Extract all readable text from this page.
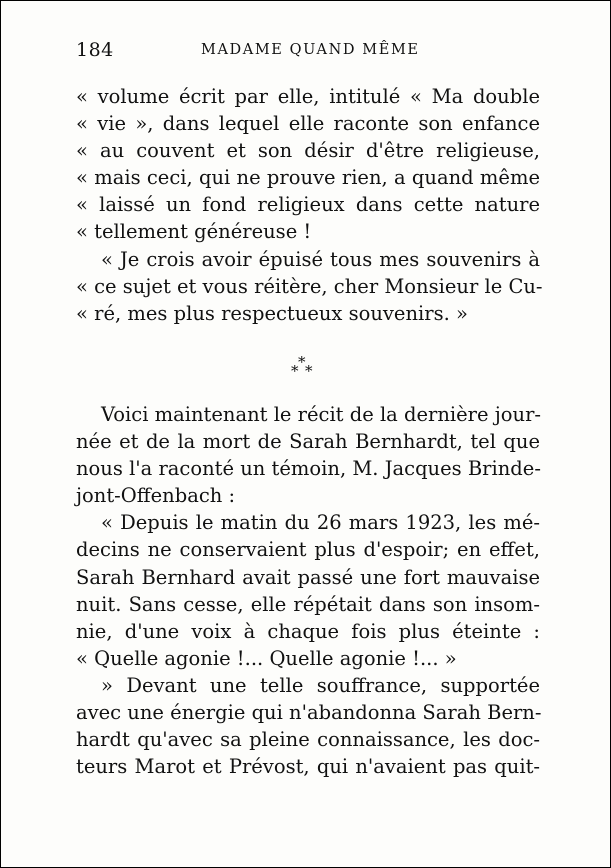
184	MADAME QUAND MÊME
« volume écrit par elle, intitulé « Ma double
« vie », dans lequel elle raconte son enfance
« au couvent et son désir d'être religieuse,
« mais ceci, qui ne prouve rien, a quand même
« laissé un fond religieux dans cette nature
« tellement généreuse !
« Je crois avoir épuisé tous mes souvenirs à
« ce sujet et vous réitère, cher Monsieur le Cu-
« ré, mes plus respectueux souvenirs. »
*
* *
Voici maintenant le récit de la dernière jour-
née et de la mort de Sarah Bernhardt, tel que
nous l'a raconté un témoin, M. Jacques Brinde-
jont-Offenbach :
« Depuis le matin du 26 mars 1923, les mé-
decins ne conservaient plus d'espoir; en effet,
Sarah Bernhard avait passé une fort mauvaise
nuit. Sans cesse, elle répétait dans son insom-
nie, d'une voix à chaque fois plus éteinte :
« Quelle agonie !... Quelle agonie !... »
» Devant une telle souffrance, supportée
avec une énergie qui n'abandonna Sarah Bern-
hardt qu'avec sa pleine connaissance, les doc-
teurs Marot et Prévost, qui n'avaient pas quit-
